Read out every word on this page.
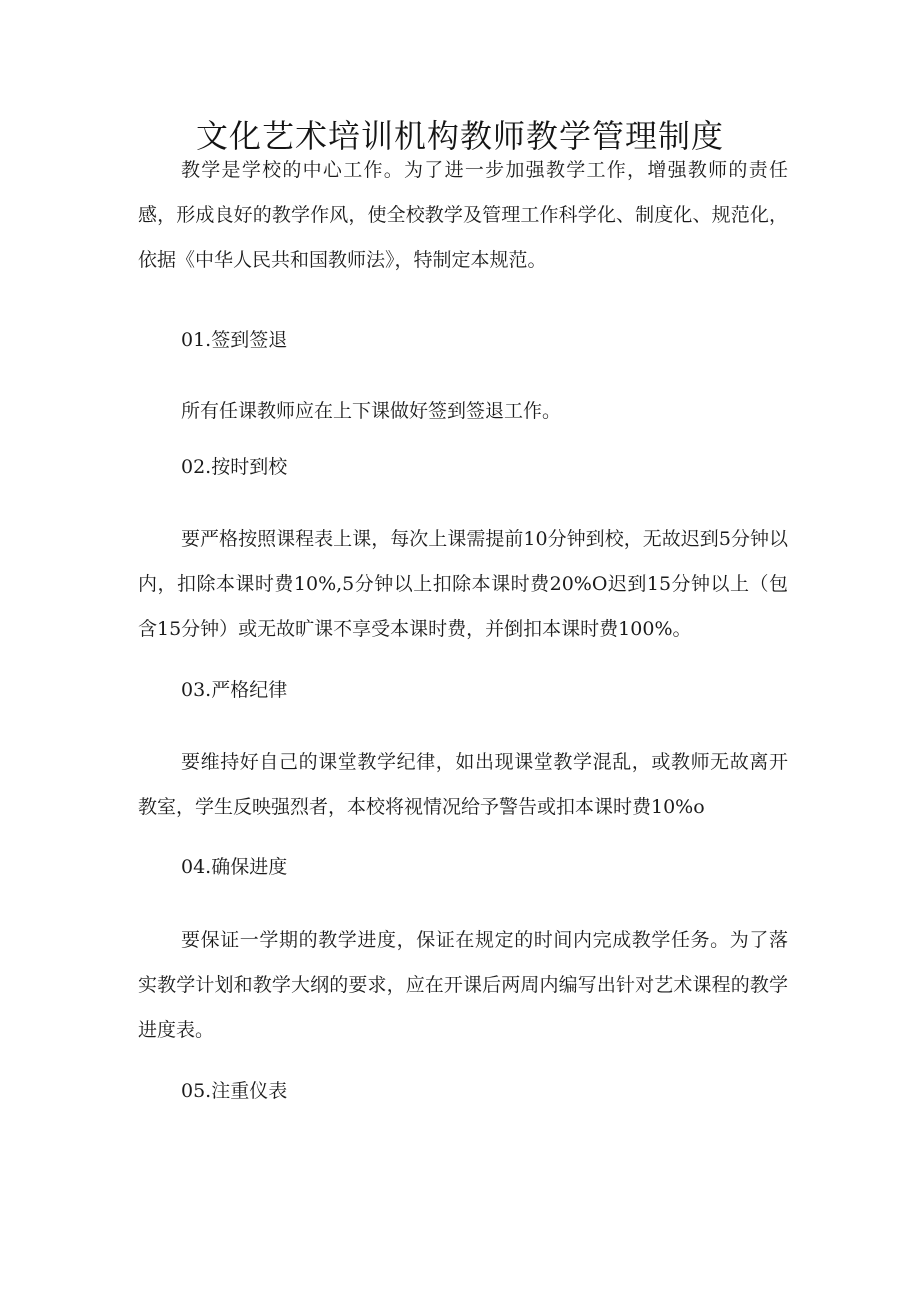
文化艺术培训机构教师教学管理制度
教学是学校的中心工作。为了进一步加强教学工作，增强教师的责任感，形成良好的教学作风，使全校教学及管理工作科学化、制度化、规范化，依据《中华人民共和国教师法》，特制定本规范。
01.签到签退
所有任课教师应在上下课做好签到签退工作。
02.按时到校
要严格按照课程表上课，每次上课需提前10分钟到校，无故迟到5分钟以内，扣除本课时费10%,5分钟以上扣除本课时费20%O迟到15分钟以上（包含15分钟）或无故旷课不享受本课时费，并倒扣本课时费100%。
03.严格纪律
要维持好自己的课堂教学纪律，如出现课堂教学混乱，或教师无故离开教室，学生反映强烈者，本校将视情况给予警告或扣本课时费10%o
04.确保进度
要保证一学期的教学进度，保证在规定的时间内完成教学任务。为了落实教学计划和教学大纲的要求，应在开课后两周内编写出针对艺术课程的教学进度表。
05.注重仪表
